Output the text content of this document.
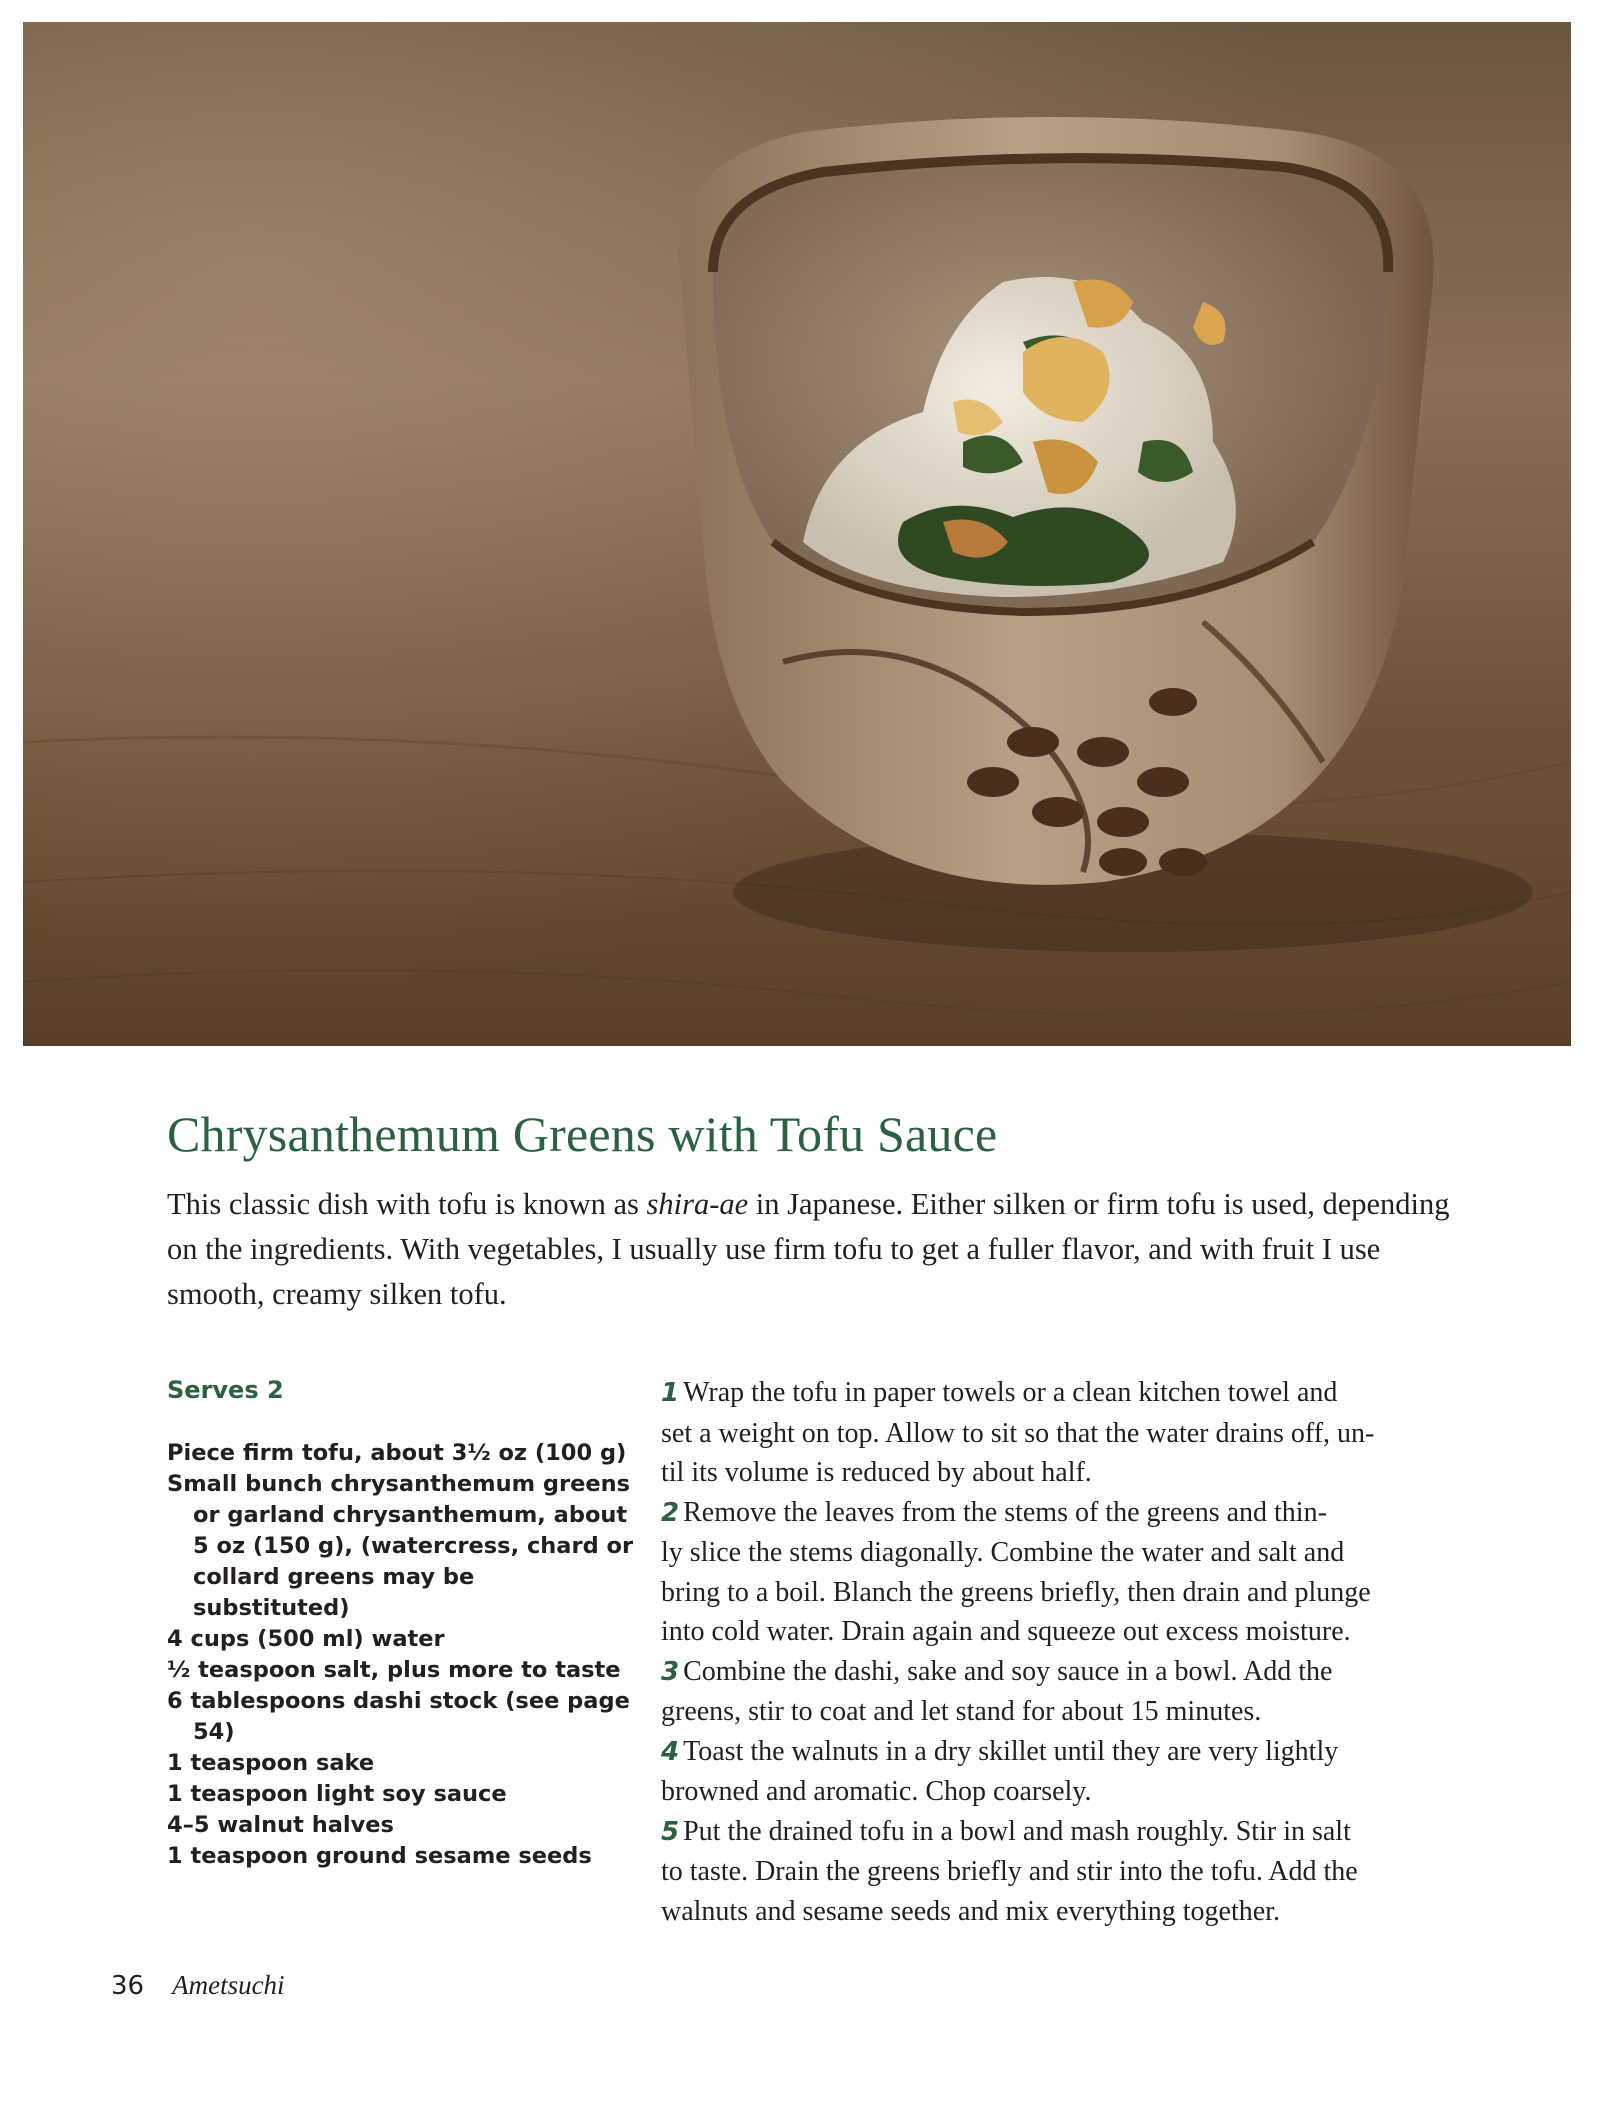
Chrysanthemum Greens with Tofu Sauce

This classic dish with tofu is known as shira-ae in Japanese. Either silken or firm tofu is used, depending on the ingredients. With vegetables, I usually use firm tofu to get a fuller flavor, and with fruit I use smooth, creamy silken tofu.

Serves 2
Piece firm tofu, about 3½ oz (100 g)
Small bunch chrysanthemum greens
or garland chrysanthemum, about
5 oz (150 g), (watercress, chard or
collard greens may be substituted)
4 cups (500 ml) water
½ teaspoon salt, plus more to taste
6 tablespoons dashi stock (see page
54)
1 teaspoon sake
1 teaspoon light soy sauce
4–5 walnut halves
1 teaspoon ground sesame seeds

1 Wrap the tofu in paper towels or a clean kitchen towel and
set a weight on top. Allow to sit so that the water drains off, un-
til its volume is reduced by about half.

2 Remove the leaves from the stems of the greens and thin-
ly slice the stems diagonally. Combine the water and salt and
bring to a boil. Blanch the greens briefly, then drain and plunge
into cold water. Drain again and squeeze out excess moisture.

3 Combine the dashi, sake and soy sauce in a bowl. Add the
greens, stir to coat and let stand for about 15 minutes.

4 Toast the walnuts in a dry skillet until they are very lightly
browned and aromatic. Chop coarsely.

5 Put the drained tofu in a bowl and mash roughly. Stir in salt
to taste. Drain the greens briefly and stir into the tofu. Add the
walnuts and sesame seeds and mix everything together.

36 Ametsuchi
